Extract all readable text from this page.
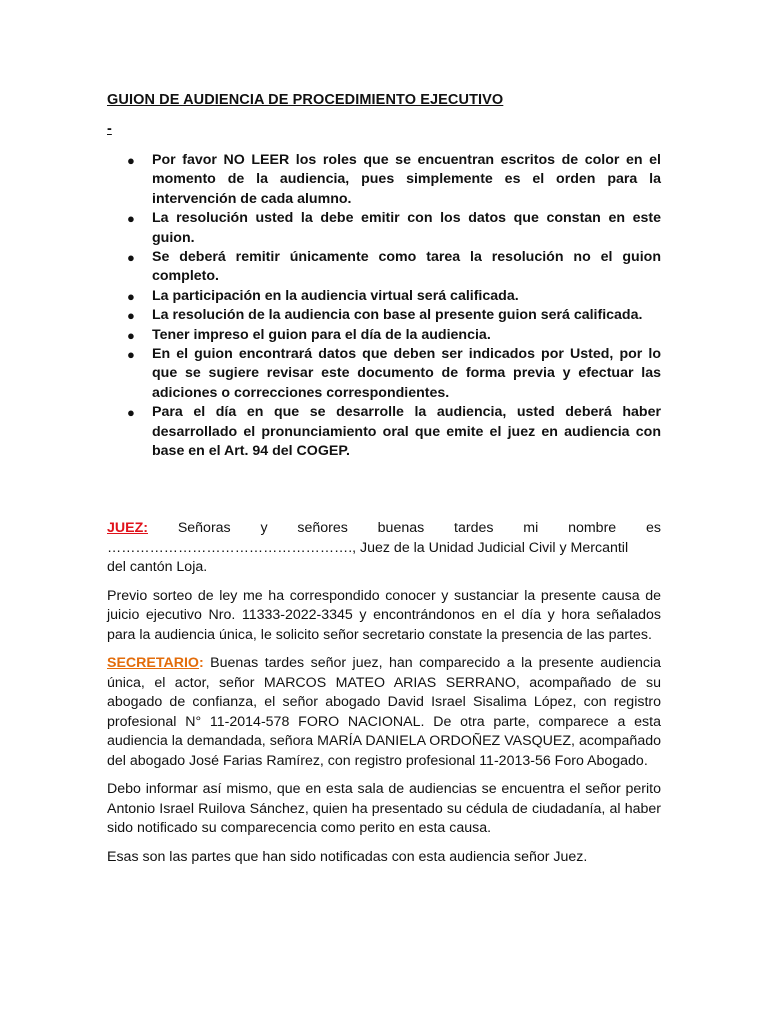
GUION DE AUDIENCIA DE PROCEDIMIENTO EJECUTIVO
-
● Por favor NO LEER los roles que se encuentran escritos de color en el momento de la audiencia, pues simplemente es el orden para la intervención de cada alumno.
● La resolución usted la debe emitir con los datos que constan en este guion.
● Se deberá remitir únicamente como tarea la resolución no el guion completo.
● La participación en la audiencia virtual será calificada.
● La resolución de la audiencia con base al presente guion será calificada.
● Tener impreso el guion para el día de la audiencia.
● En el guion encontrará datos que deben ser indicados por Usted, por lo que se sugiere revisar este documento de forma previa y efectuar las adiciones o correcciones correspondientes.
● Para el día en que se desarrolle la audiencia, usted deberá haber desarrollado el pronunciamiento oral que emite el juez en audiencia con base en el Art. 94 del COGEP.
JUEZ: Señoras y señores buenas tardes mi nombre es
……………………………………………., Juez de la Unidad Judicial Civil y Mercantil
del cantón Loja.

Previo sorteo de ley me ha correspondido conocer y sustanciar la presente causa de juicio ejecutivo Nro. 11333-2022-3345 y encontrándonos en el día y hora señalados para la audiencia única, le solicito señor secretario constate la presencia de las partes.

SECRETARIO: Buenas tardes señor juez, han comparecido a la presente audiencia única, el actor, señor MARCOS MATEO ARIAS SERRANO, acompañado de su abogado de confianza, el señor abogado David Israel Sisalima López, con registro profesional N° 11-2014-578 FORO NACIONAL. De otra parte, comparece a esta audiencia la demandada, señora MARÍA DANIELA ORDOÑEZ VASQUEZ, acompañado del abogado José Farias Ramírez, con registro profesional 11-2013-56 Foro Abogado.

Debo informar así mismo, que en esta sala de audiencias se encuentra el señor perito Antonio Israel Ruilova Sánchez, quien ha presentado su cédula de ciudadanía, al haber sido notificado su comparecencia como perito en esta causa.

Esas son las partes que han sido notificadas con esta audiencia señor Juez.
